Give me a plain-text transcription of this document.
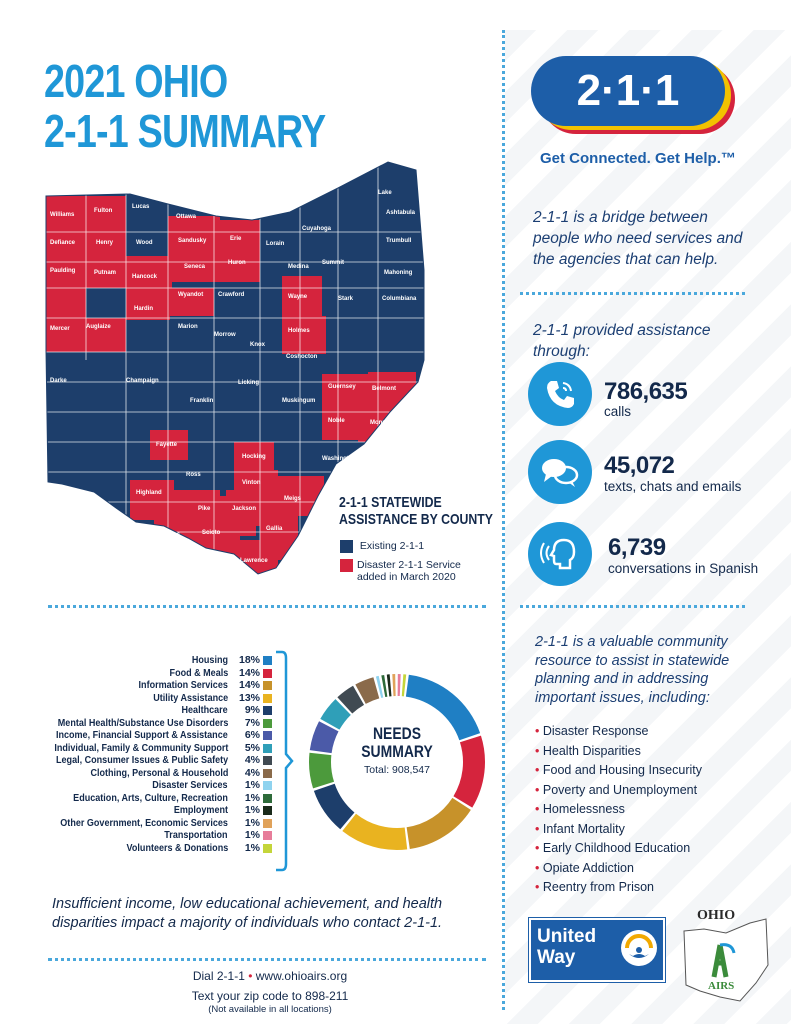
2021 OHIO
2-1-1 SUMMARY
Williams
Fulton
Lucas
Ottawa
Erie
Lorain
Cuyahoga
Lake
Ashtabula
Defiance	Henry	Wood	Sandusky	Trumbull
Paulding	Putnam
Hancock
Seneca
Huron
Medina
Summit
Mahoning
Wyandot Crawford	Wayne	Stark	Columbiana
Hardin
Marion
Holmes
Mercer	Auglaize
Morrow
Knox
Coshocton
Darke	Champaign	Licking
Guernsey	Belmont
Franklin	Muskingum
Noble	Monroe
Fayette
Hocking	Washington
Ross
Vinton
Meigs
Highland
Pike	Jackson
Gallia
Adams	Scioto
Lawrence
2-1-1 STATEWIDE
ASSISTANCE BY COUNTY
Existing 2-1-1
Disaster 2-1-1 Service added in March 2020
Housing	18%
Food & Meals	14%
Information Services	14%
Utility Assistance	13%
Healthcare	9%
Mental Health/Substance Use Disorders	7%
Income, Financial Support & Assistance	6%
Individual, Family & Community Support	5%
Legal, Consumer Issues & Public Safety	4%
Clothing, Personal & Household	4%
Disaster Services	1%
Education, Arts, Culture, Recreation	1%
Employment	1%
Other Government, Economic Services	1%
Transportation	1%
Volunteers & Donations	1%
NEEDS
SUMMARY
Total: 908,547
Insufficient income, low educational achievement, and health disparities impact a majority of individuals who contact 2-1-1.
Dial 2-1-1 • www.ohioairs.org
Text your zip code to 898-211
(Not available in all locations)
2·1·1
Get Connected. Get Help.™
2-1-1 is a bridge between people who need services and the agencies that can help.
2-1-1 provided assistance through:
786,635
calls
45,072
texts, chats and emails
6,739
conversations in Spanish
2-1-1 is a valuable community resource to assist in statewide planning and in addressing important issues, including:
• Disaster Response
• Health Disparities
• Food and Housing Insecurity
• Poverty and Unemployment
• Homelessness
• Infant Mortality
• Early Childhood Education
• Opiate Addiction
• Reentry from Prison
United
Way
OHIO
AIRS
